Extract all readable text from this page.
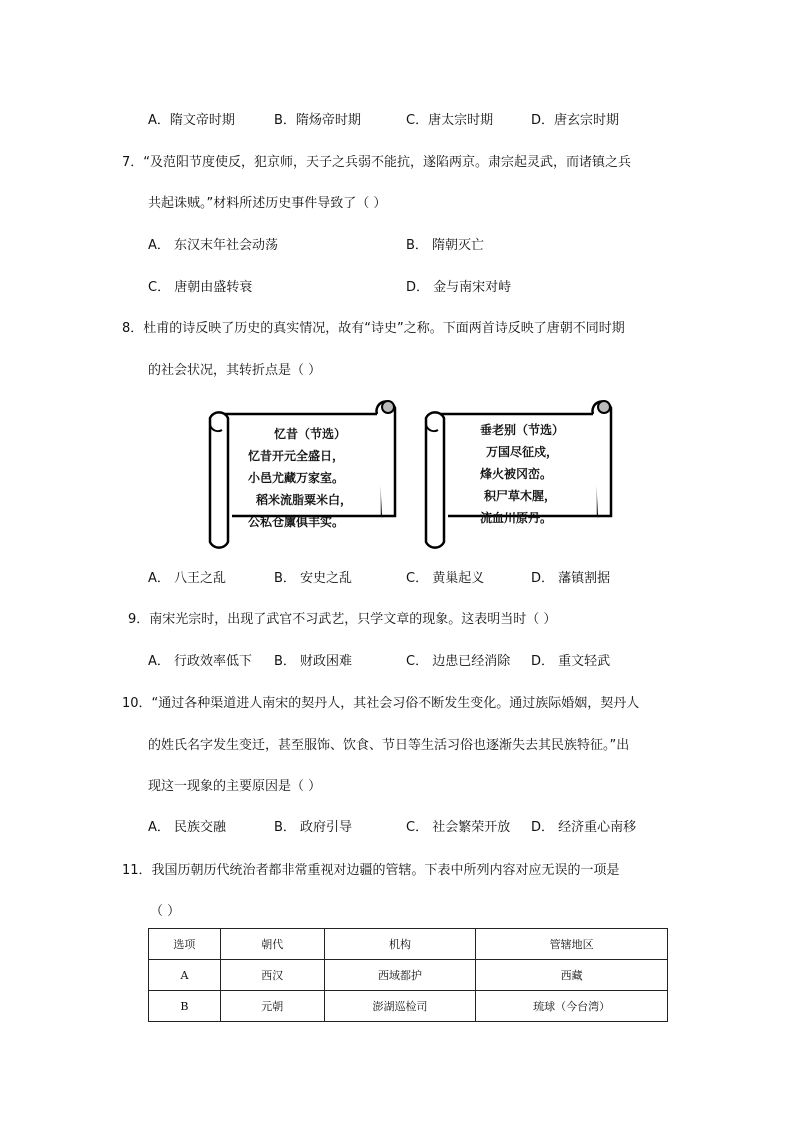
A．隋文帝时期	B．隋炀帝时期	C．唐太宗时期	D．唐玄宗时期
7．“及范阳节度使反，犯京师，天子之兵弱不能抗，遂陷两京。肃宗起灵武，而诸镇之兵
共起诛贼。”材料所述历史事件导致了（ ）
A． 东汉末年社会动荡	B． 隋朝灭亡
C． 唐朝由盛转衰	D． 金与南宋对峙
8．杜甫的诗反映了历史的真实情况，故有“诗史”之称。下面两首诗反映了唐朝不同时期
的社会状况，其转折点是（ ）
忆昔（节选）
忆昔开元全盛日，
小邑尤藏万家室。
稻米流脂粟米白，
公私仓廪俱丰实。
垂老别（节选）
万国尽征戍，
烽火被冈峦。
积尸草木腥，
流血川原丹。
A． 八王之乱	B． 安史之乱	C． 黄巢起义	D． 藩镇割据
9．南宋光宗时，出现了武官不习武艺，只学文章的现象。这表明当时（ ）
A． 行政效率低下 B． 财政困难	C． 边患已经消除 D． 重文轻武
10．“通过各种渠道进人南宋的契丹人，其社会习俗不断发生变化。通过族际婚姻，契丹人
的姓氏名字发生变迁，甚至服饰、饮食、节日等生活习俗也逐渐失去其民族特征。”出
现这一现象的主要原因是（ ）
A． 民族交融	B． 政府引导	C． 社会繁荣开放 D． 经济重心南移
11．我国历朝历代统治者都非常重视对边疆的管辖。下表中所列内容对应无误的一项是
（ ）
选项	朝代	机构	管辖地区
A	西汉	西域都护	西藏
B	元朝	澎湖巡检司	琉球（今台湾）
